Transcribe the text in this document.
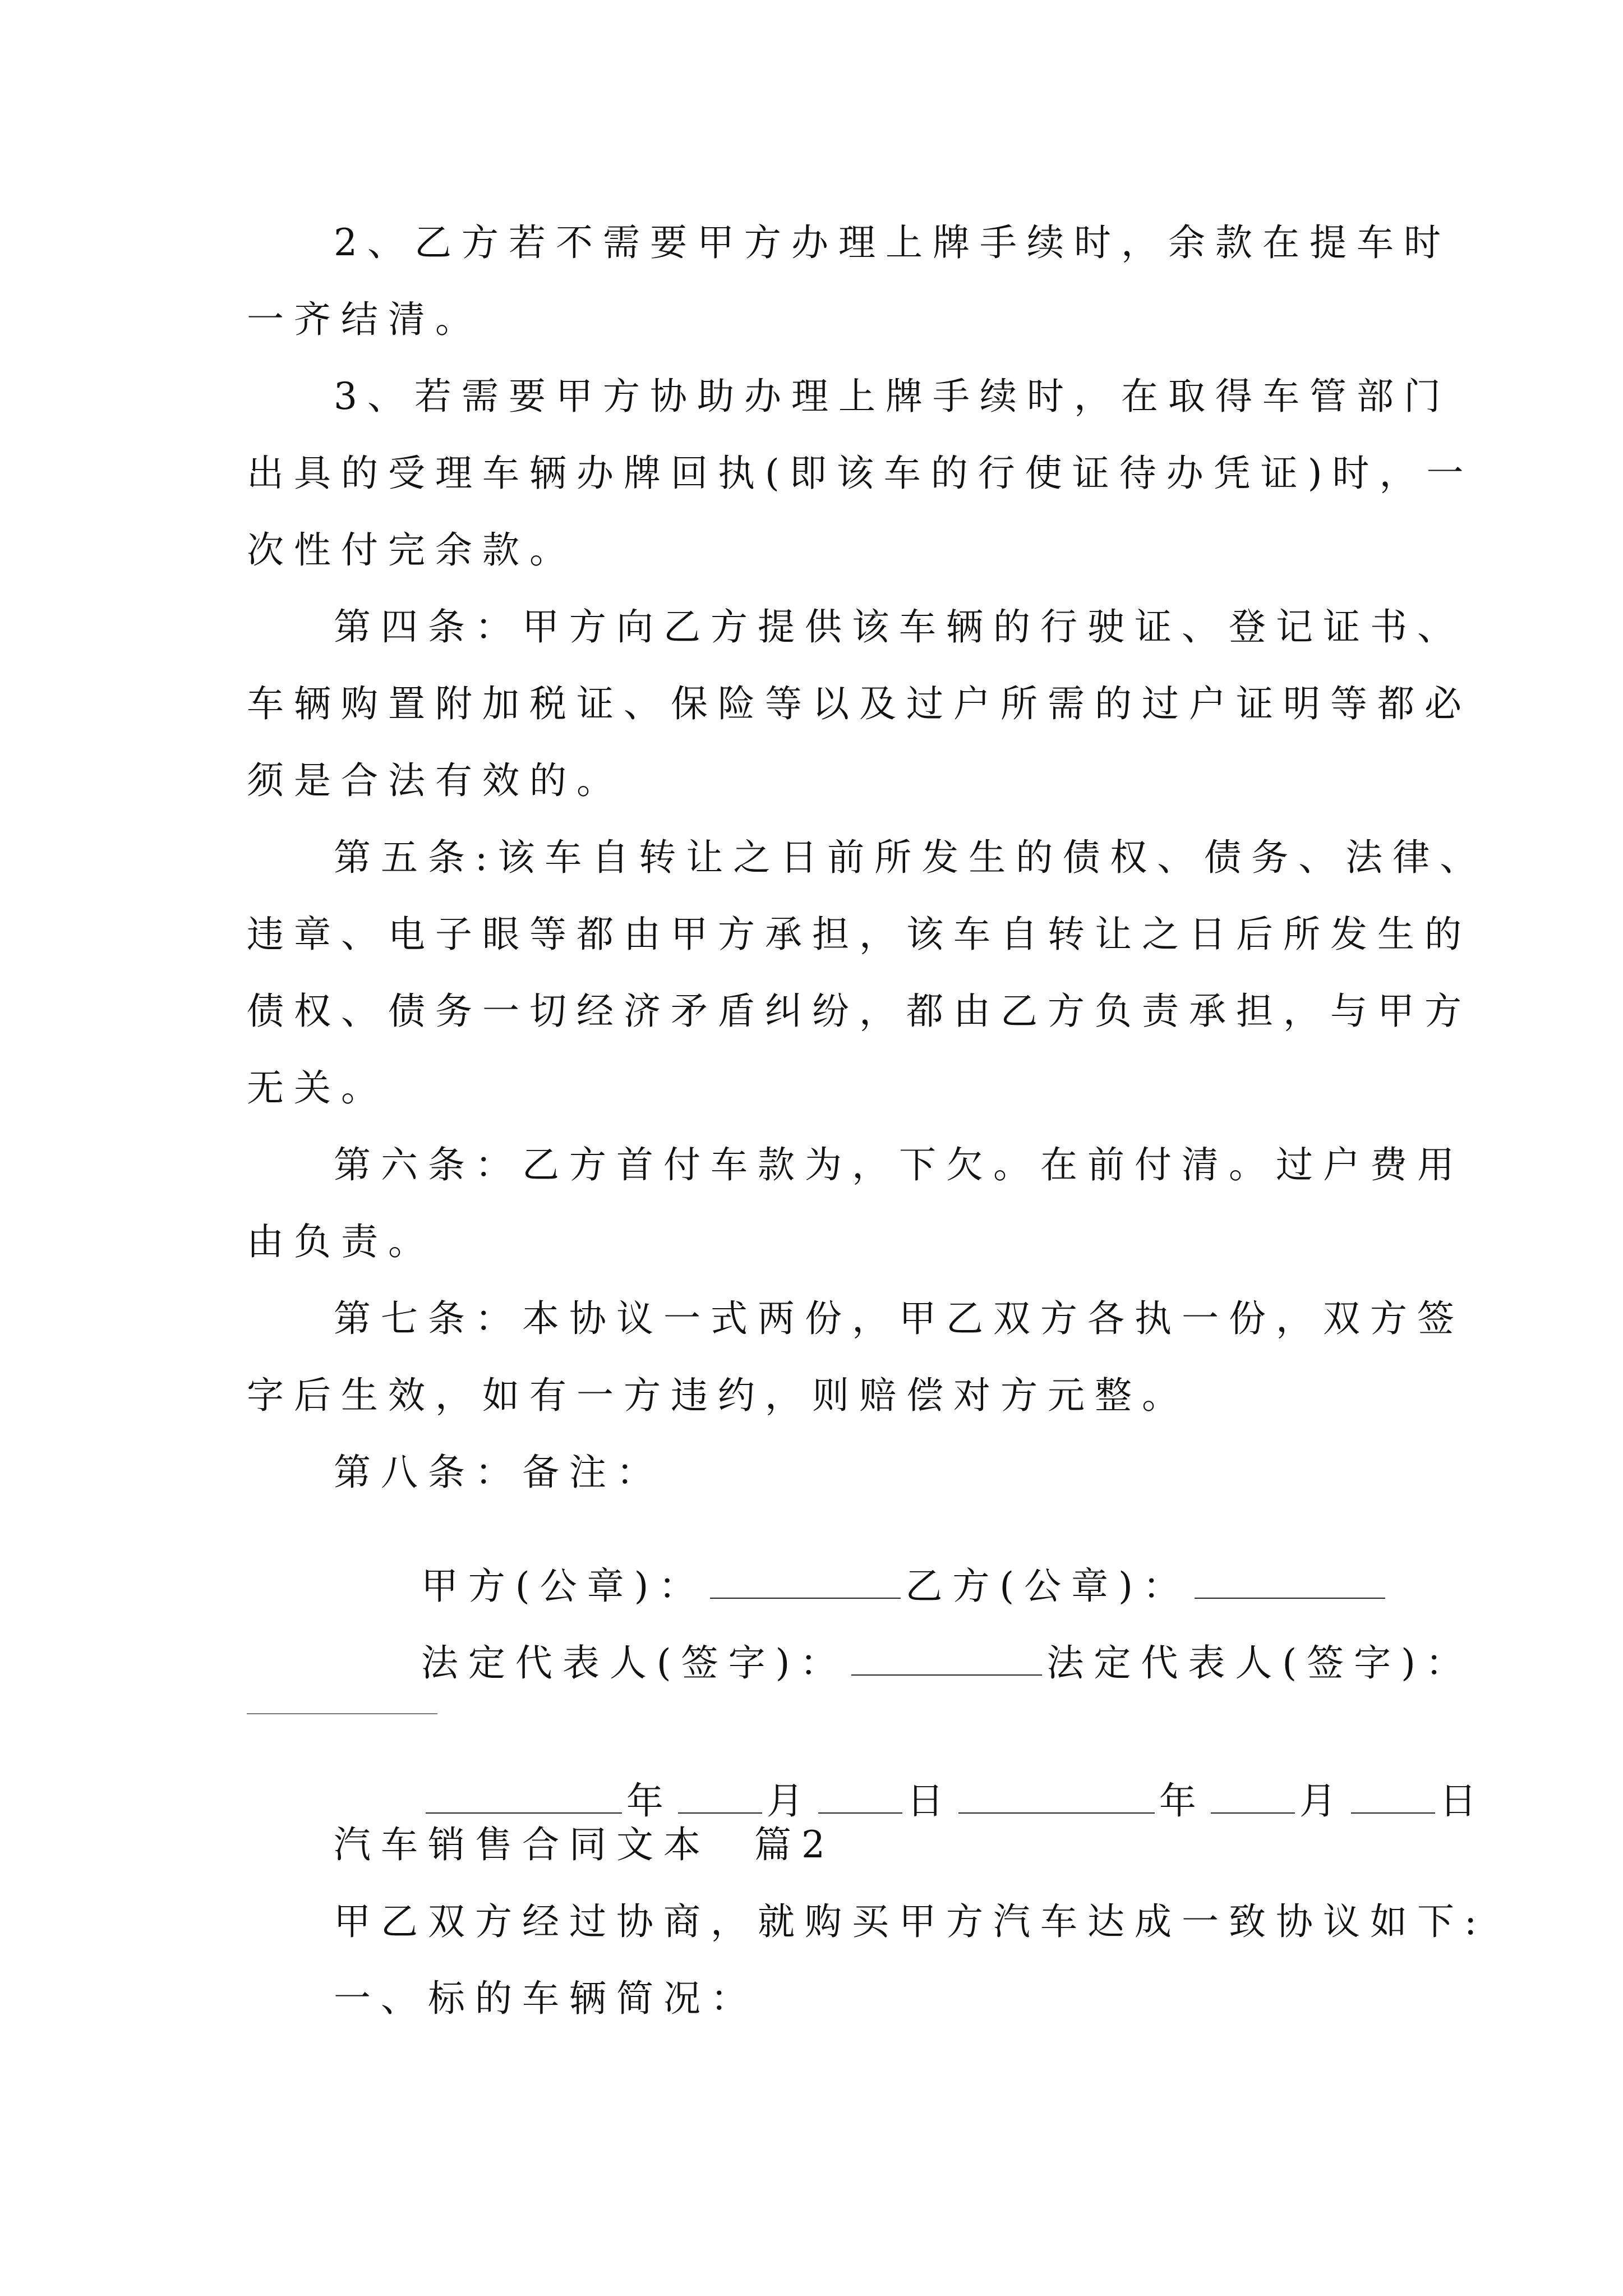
2、乙方若不需要甲方办理上牌手续时，余款在提车时
一齐结清。
3、若需要甲方协助办理上牌手续时，在取得车管部门
出具的受理车辆办牌回执(即该车的行使证待办凭证)时，一
次性付完余款。
第四条：甲方向乙方提供该车辆的行驶证、登记证书、
车辆购置附加税证、保险等以及过户所需的过户证明等都必
须是合法有效的。
第五条:该车自转让之日前所发生的债权、债务、法律、
违章、电子眼等都由甲方承担，该车自转让之日后所发生的
债权、债务一切经济矛盾纠纷，都由乙方负责承担，与甲方
无关。
第六条：乙方首付车款为，下欠。在前付清。过户费用
由负责。
第七条：本协议一式两份，甲乙双方各执一份，双方签
字后生效，如有一方违约，则赔偿对方元整。
第八条：备注：

甲方(公章)：	乙方(公章)：

法定代表人(签字)：	法定代表人(签字)：

年	月	日	年	月	日

汽车销售合同文本  篇2
甲乙双方经过协商，就购买甲方汽车达成一致协议如下:
一、标的车辆简况：
